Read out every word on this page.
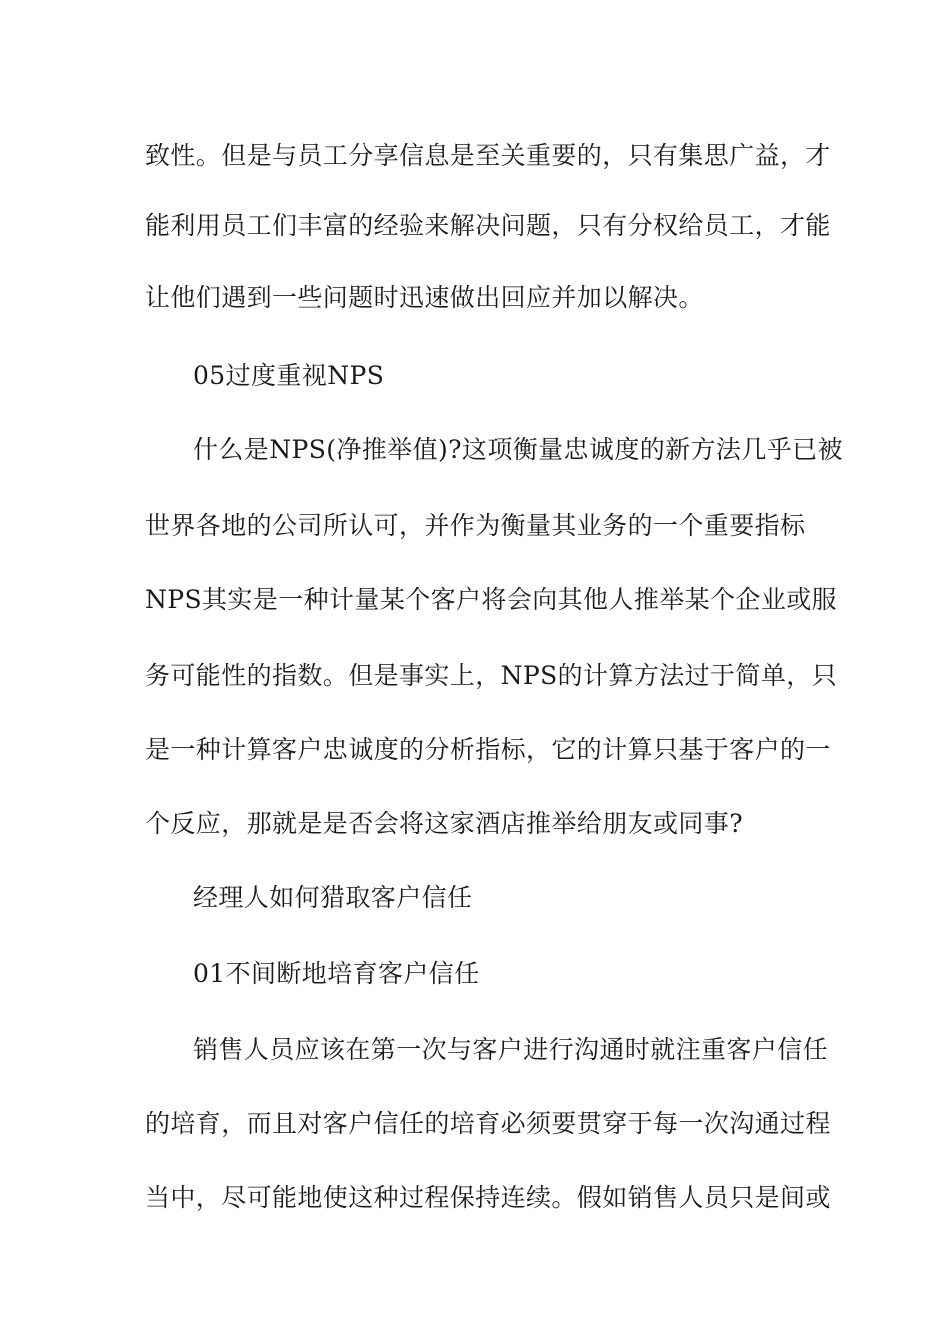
致性。但是与员工分享信息是至关重要的，只有集思广益，才
能利用员工们丰富的经验来解决问题，只有分权给员工，才能
让他们遇到一些问题时迅速做出回应并加以解决。
05过度重视NPS
什么是NPS(净推举值)?这项衡量忠诚度的新方法几乎已被
世界各地的公司所认可，并作为衡量其业务的一个重要指标
NPS其实是一种计量某个客户将会向其他人推举某个企业或服
务可能性的指数。但是事实上，NPS的计算方法过于简单，只
是一种计算客户忠诚度的分析指标，它的计算只基于客户的一
个反应，那就是是否会将这家酒店推举给朋友或同事?
经理人如何猎取客户信任
01不间断地培育客户信任
销售人员应该在第一次与客户进行沟通时就注重客户信任
的培育，而且对客户信任的培育必须要贯穿于每一次沟通过程
当中，尽可能地使这种过程保持连续。假如销售人员只是间或
